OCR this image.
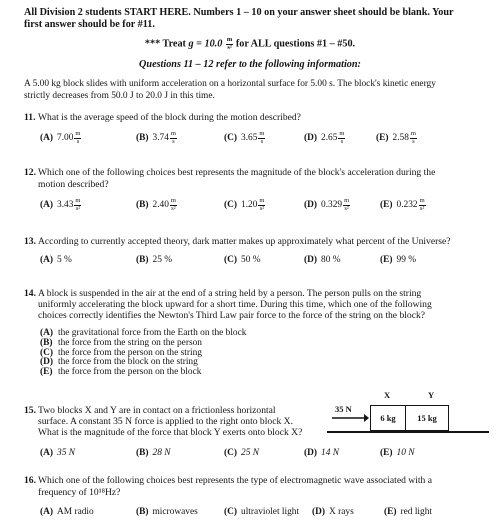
All Division 2 students START HERE. Numbers 1 – 10 on your answer sheet should be blank. Your
first answer should be for #11.
*** Treat $g = 10.0 \frac{m}{\text{s²}}$ for ALL questions #1 – #50.
Questions 11 – 12 refer to the following information:
A 5.00 kg block slides with uniform acceleration on a horizontal surface for 5.00 s. The block's kinetic energy
strictly decreases from 50.0 J to 20.0 J in this time.
11. What is the average speed of the block during the motion described?
(A) $7.00 \frac{m}{s}$	(B) $3.74 \frac{m}{s}$	(C) $3.65 \frac{m}{s}$	(D) $2.65 \frac{m}{s}$	(E) $2.58 \frac{m}{s}$
12. Which one of the following choices best represents the magnitude of the block's acceleration during the
motion described?
(A) $3.43 \frac{m}{\text{s²}}$	(B) $2.40 \frac{m}{\text{s²}}$	(C) $1.20 \frac{m}{\text{s²}}$	(D) $0.329 \frac{m}{\text{s²}}$	(E) $0.232 \frac{m}{\text{s²}}$
13. According to currently accepted theory, dark matter makes up approximately what percent of the Universe?
(A) 5 %	(B) 25 %	(C) 50 %	(D) 80 %	(E) 99 %
14. A block is suspended in the air at the end of a string held by a person. The person pulls on the string
uniformly accelerating the block upward for a short time. During this time, which one of the following
choices correctly identifies the Newton's Third Law pair force to the force of the string on the block?
(A) the gravitational force from the Earth on the block
(B) the force from the string on the person
(C) the force from the person on the string
(D) the force from the block on the string
(E) the force from the person on the block
15. Two blocks X and Y are in contact on a frictionless horizontal
surface. A constant 35 N force is applied to the right onto block X.
What is the magnitude of the force that block Y exerts onto block X?
35 N
X	Y
6 kg	15 kg
(A) 35 N	(B) 28 N	(C) 25 N	(D) 14 N	(E) 10 N
16. Which one of the following choices best represents the type of electromagnetic wave associated with a
frequency of 10¹⁸Hz?
(A) AM radio	(B) microwaves	(C) ultraviolet light (D) X rays	(E) red light
